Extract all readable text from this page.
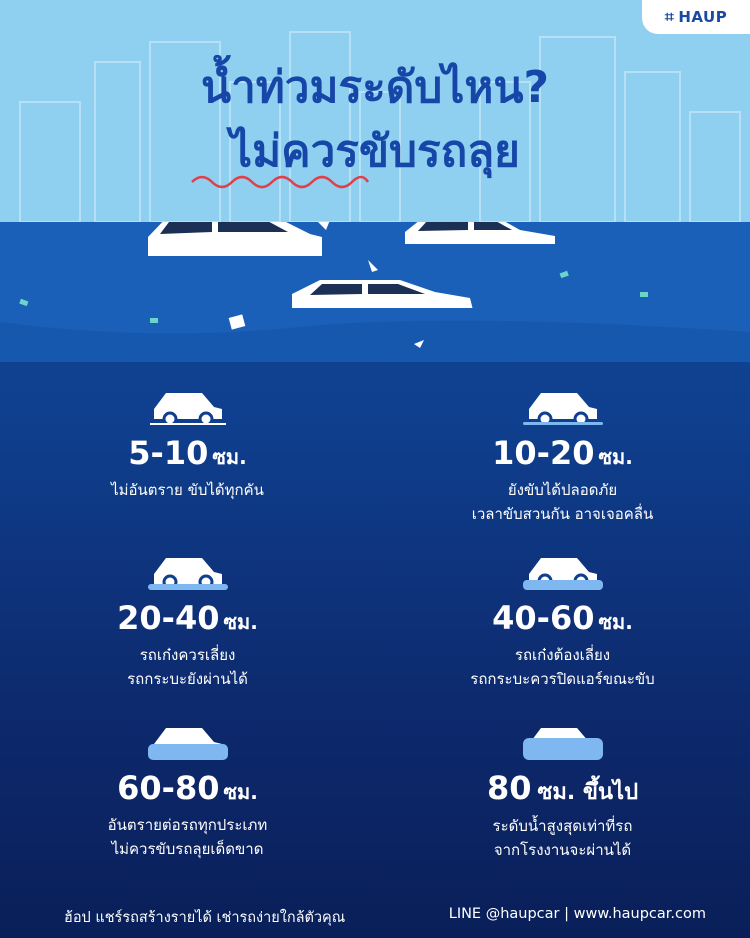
⌗ HAUP
น้ำท่วมระดับไหน?
ไม่ควรขับรถลุย
5-10 ซม.
ไม่อันตราย ขับได้ทุกคัน
10-20 ซม.
ยังขับได้ปลอดภัย
เวลาขับสวนกัน อาจเจอคลื่น
20-40 ซม.
รถเก๋งควรเลี่ยง
รถกระบะยังผ่านได้
40-60 ซม.
รถเก๋งต้องเลี่ยง
รถกระบะควรปิดแอร์ขณะขับ
60-80 ซม.
อันตรายต่อรถทุกประเภท
ไม่ควรขับรถลุยเด็ดขาด
80 ซม. ขึ้นไป
ระดับน้ำสูงสุดเท่าที่รถ
จากโรงงานจะผ่านได้
ฮ้อป แชร์รถสร้างรายได้ เช่ารถง่ายใกล้ตัวคุณ	LINE @haupcar | www.haupcar.com
